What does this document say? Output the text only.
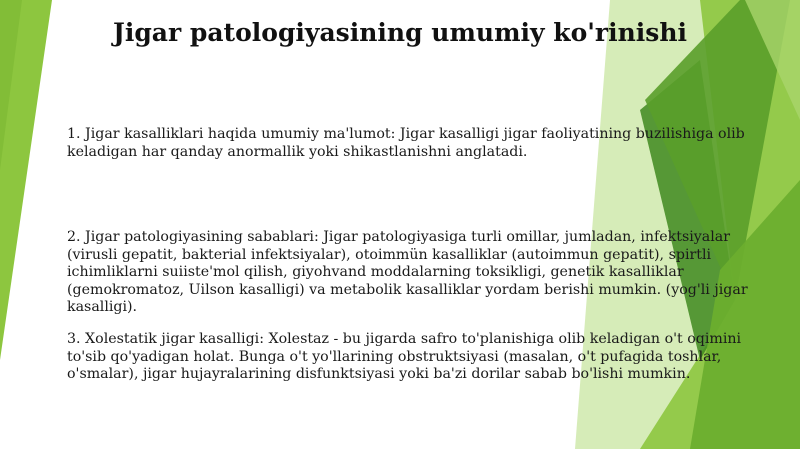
Jigar patologiyasining umumiy ko'rinishi
1. Jigar kasalliklari haqida umumiy ma'lumot: Jigar kasalligi jigar faoliyatining buzilishiga olib keladigan har qanday anormallik yoki shikastlanishni anglatadi.
2. Jigar patologiyasining sabablari: Jigar patologiyasiga turli omillar, jumladan, infektsiyalar (virusli gepatit, bakterial infektsiyalar), otoimmün kasalliklar (autoimmun gepatit), spirtli ichimliklarni suiiste'mol qilish, giyohvand moddalarning toksikligi, genetik kasalliklar (gemokromatoz, Uilson kasalligi) va metabolik kasalliklar yordam berishi mumkin. (yog'li jigar kasalligi).
3. Xolestatik jigar kasalligi: Xolestaz - bu jigarda safro to'planishiga olib keladigan o't oqimini to'sib qo'yadigan holat. Bunga o't yo'llarining obstruktsiyasi (masalan, o't pufagida toshlar, o'smalar), jigar hujayralarining disfunktsiyasi yoki ba'zi dorilar sabab bo'lishi mumkin.
